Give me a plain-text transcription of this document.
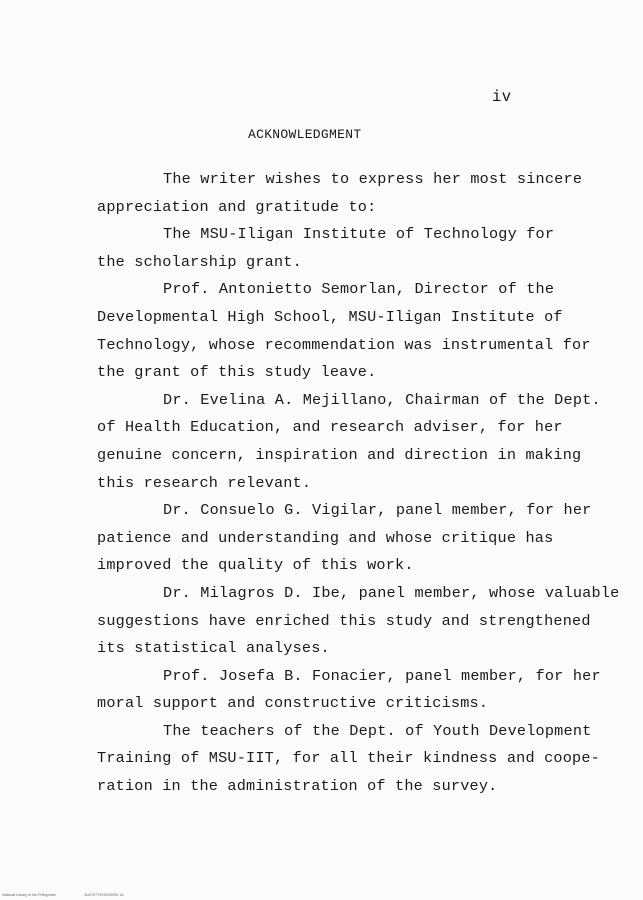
iv
ACKNOWLEDGMENT
The writer wishes to express her most sincere
appreciation and gratitude to:
The MSU-Iligan Institute of Technology for
the scholarship grant.
Prof. Antonietto Semorlan, Director of the
Developmental High School, MSU-Iligan Institute of
Technology, whose recommendation was instrumental for
the grant of this study leave.
Dr. Evelina A. Mejillano, Chairman of the Dept.
of Health Education, and research adviser, for her
genuine concern, inspiration and direction in making
this research relevant.
Dr. Consuelo G. Vigilar, panel member, for her
patience and understanding and whose critique has
improved the quality of this work.
Dr. Milagros D. Ibe, panel member, whose valuable
suggestions have enriched this study and strengthened
its statistical analyses.
Prof. Josefa B. Fonacier, panel member, for her
moral support and constructive criticisms.
The teachers of the Dept. of Youth Development
Training of MSU-IIT, for all their kindness and coope-
ration in the administration of the survey.
National Library of the Philippines	8U0797T9X9X00099 1i1
